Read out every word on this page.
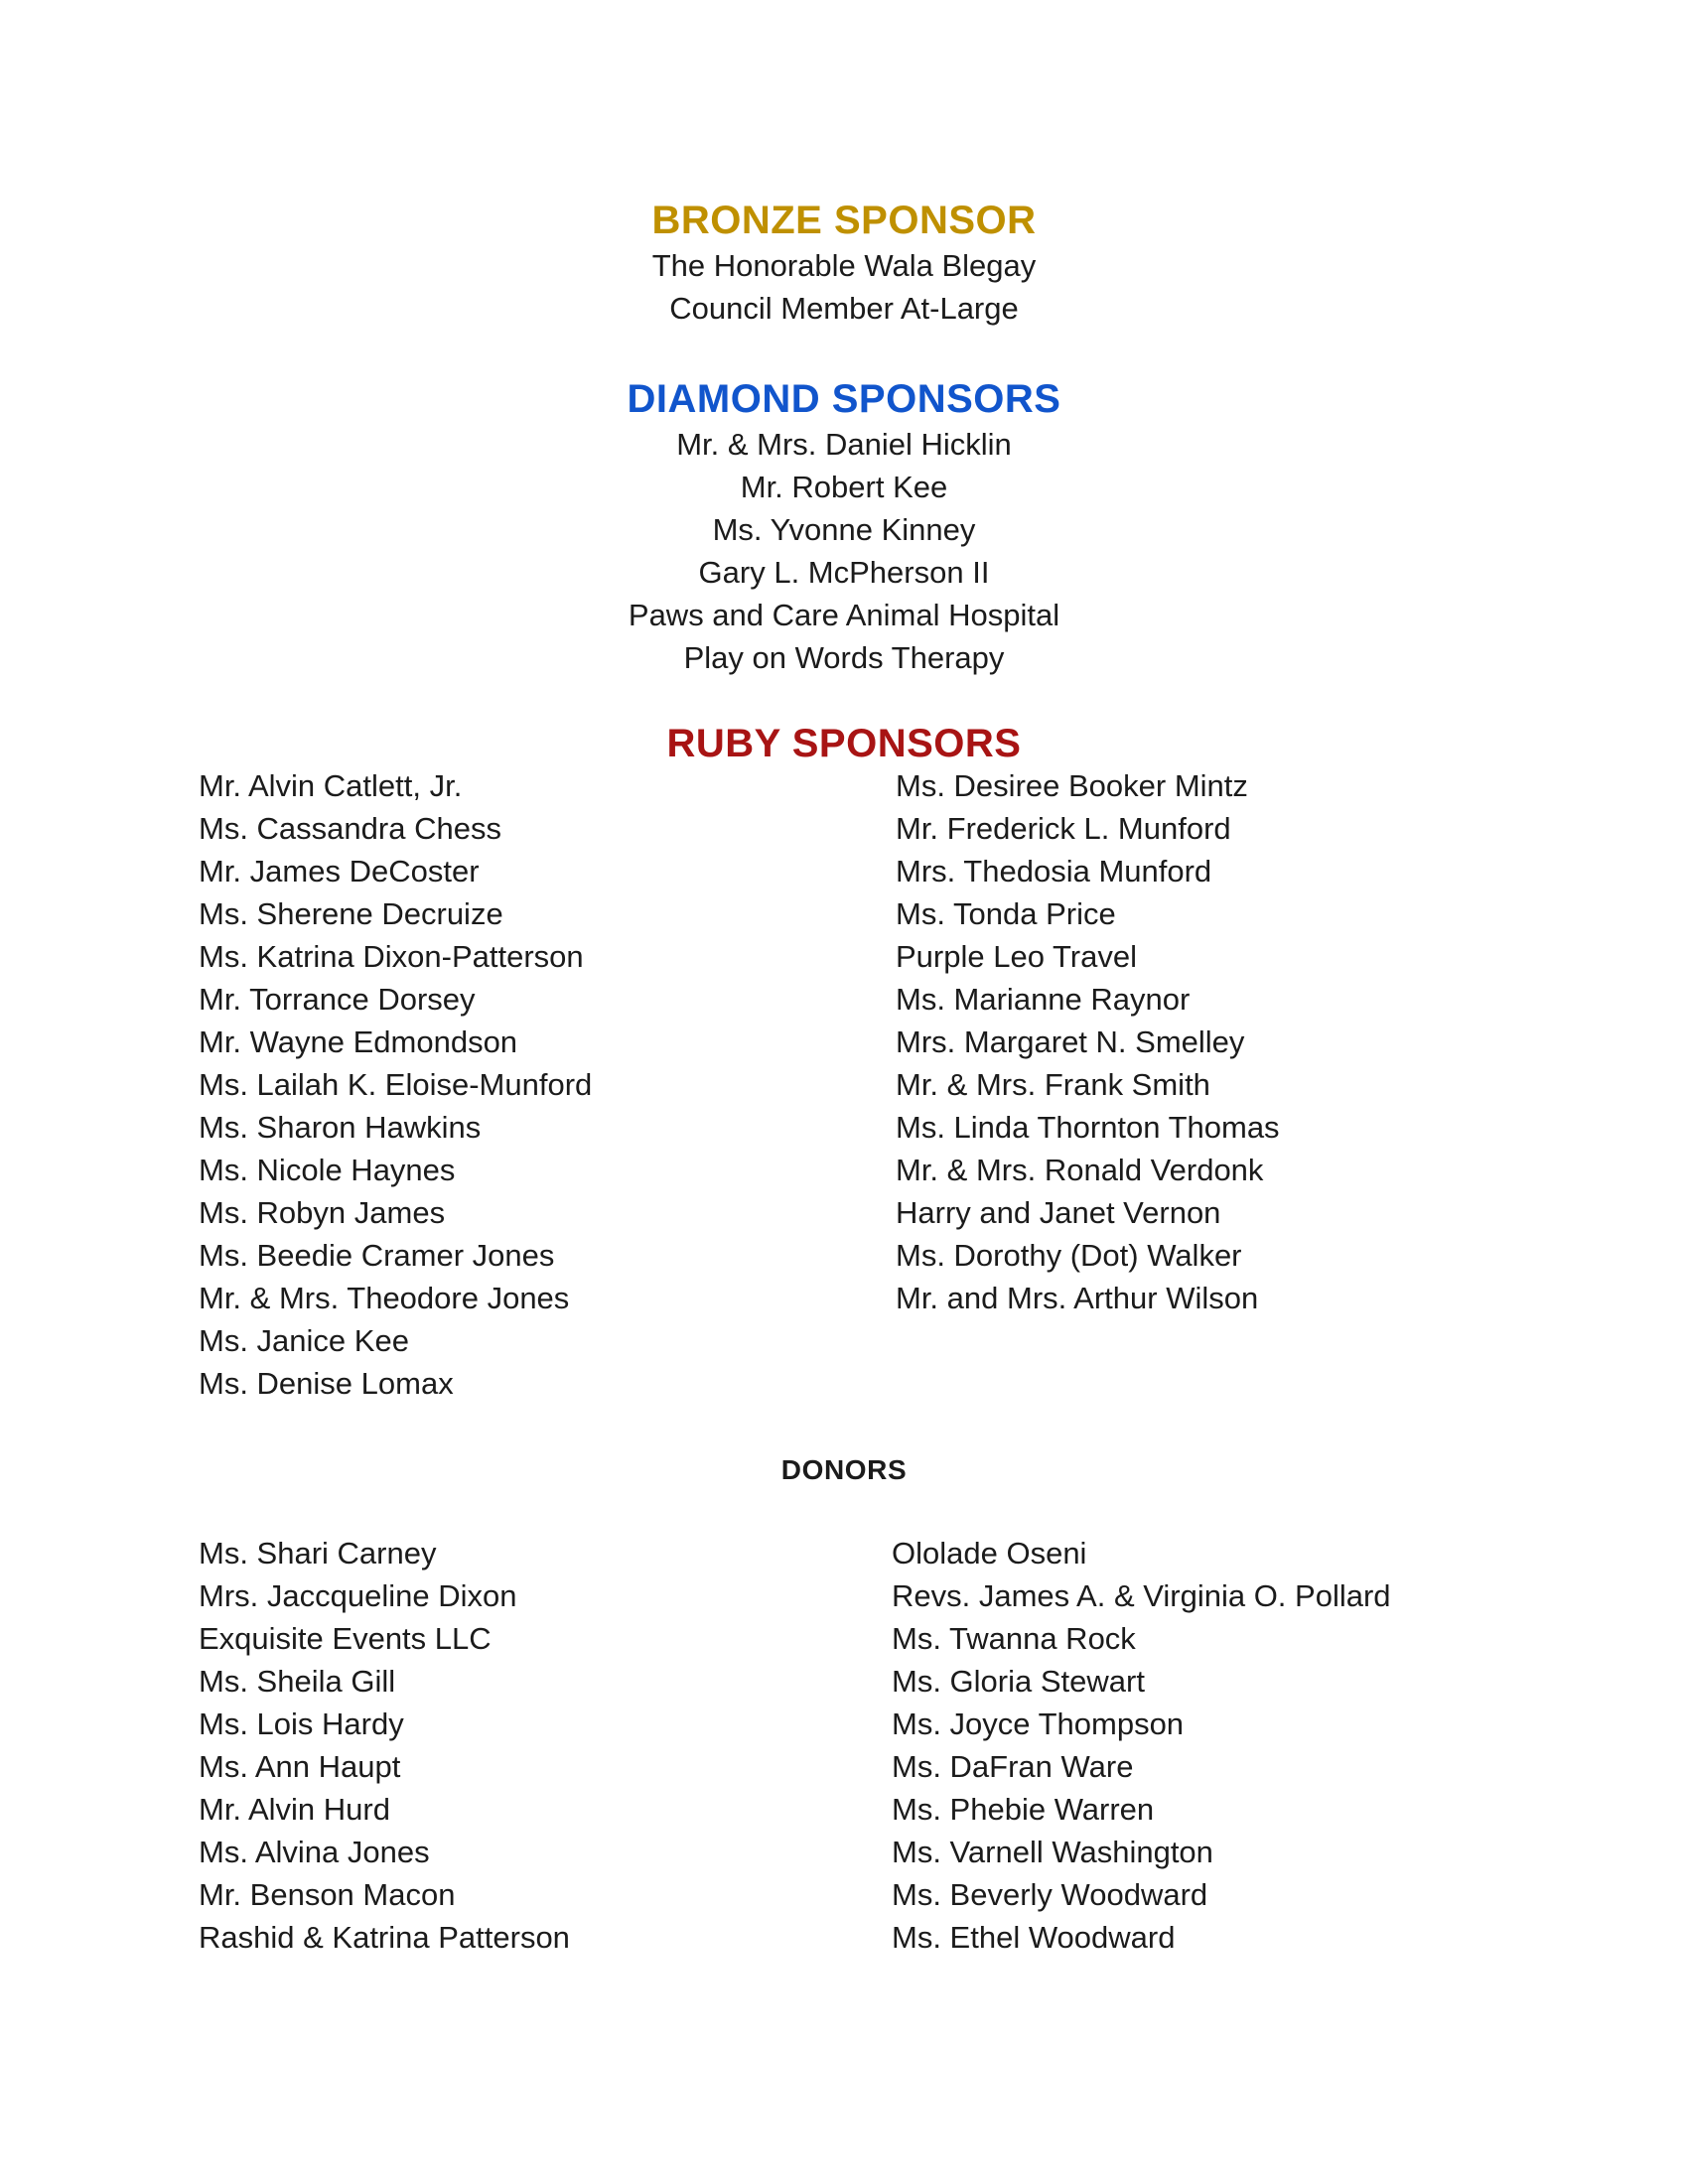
BRONZE SPONSOR
The Honorable Wala Blegay
Council Member At-Large
DIAMOND SPONSORS
Mr. & Mrs. Daniel Hicklin
Mr. Robert Kee
Ms. Yvonne Kinney
Gary L. McPherson II
Paws and Care Animal Hospital
Play on Words Therapy
RUBY SPONSORS
Mr. Alvin Catlett, Jr.
Ms. Cassandra Chess
Mr. James DeCoster
Ms. Sherene Decruize
Ms. Katrina Dixon-Patterson
Mr. Torrance Dorsey
Mr. Wayne Edmondson
Ms. Lailah K. Eloise-Munford
Ms. Sharon Hawkins
Ms. Nicole Haynes
Ms. Robyn James
Ms. Beedie Cramer Jones
Mr. & Mrs. Theodore Jones
Ms. Janice Kee
Ms. Denise Lomax
Ms. Desiree Booker Mintz
Mr. Frederick L. Munford
Mrs. Thedosia Munford
Ms. Tonda Price
Purple Leo Travel
Ms. Marianne Raynor
Mrs. Margaret N. Smelley
Mr. & Mrs. Frank Smith
Ms. Linda Thornton Thomas
Mr. & Mrs. Ronald Verdonk
Harry and Janet Vernon
Ms. Dorothy (Dot) Walker
Mr. and Mrs. Arthur Wilson
DONORS
Ms. Shari Carney
Mrs. Jaccqueline Dixon
Exquisite Events LLC
Ms. Sheila Gill
Ms. Lois Hardy
Ms. Ann Haupt
Mr. Alvin Hurd
Ms. Alvina Jones
Mr. Benson Macon
Rashid & Katrina Patterson
Ololade Oseni
Revs. James A. & Virginia O. Pollard
Ms. Twanna Rock
Ms. Gloria Stewart
Ms. Joyce Thompson
Ms. DaFran Ware
Ms. Phebie Warren
Ms. Varnell Washington
Ms. Beverly Woodward
Ms. Ethel Woodward
